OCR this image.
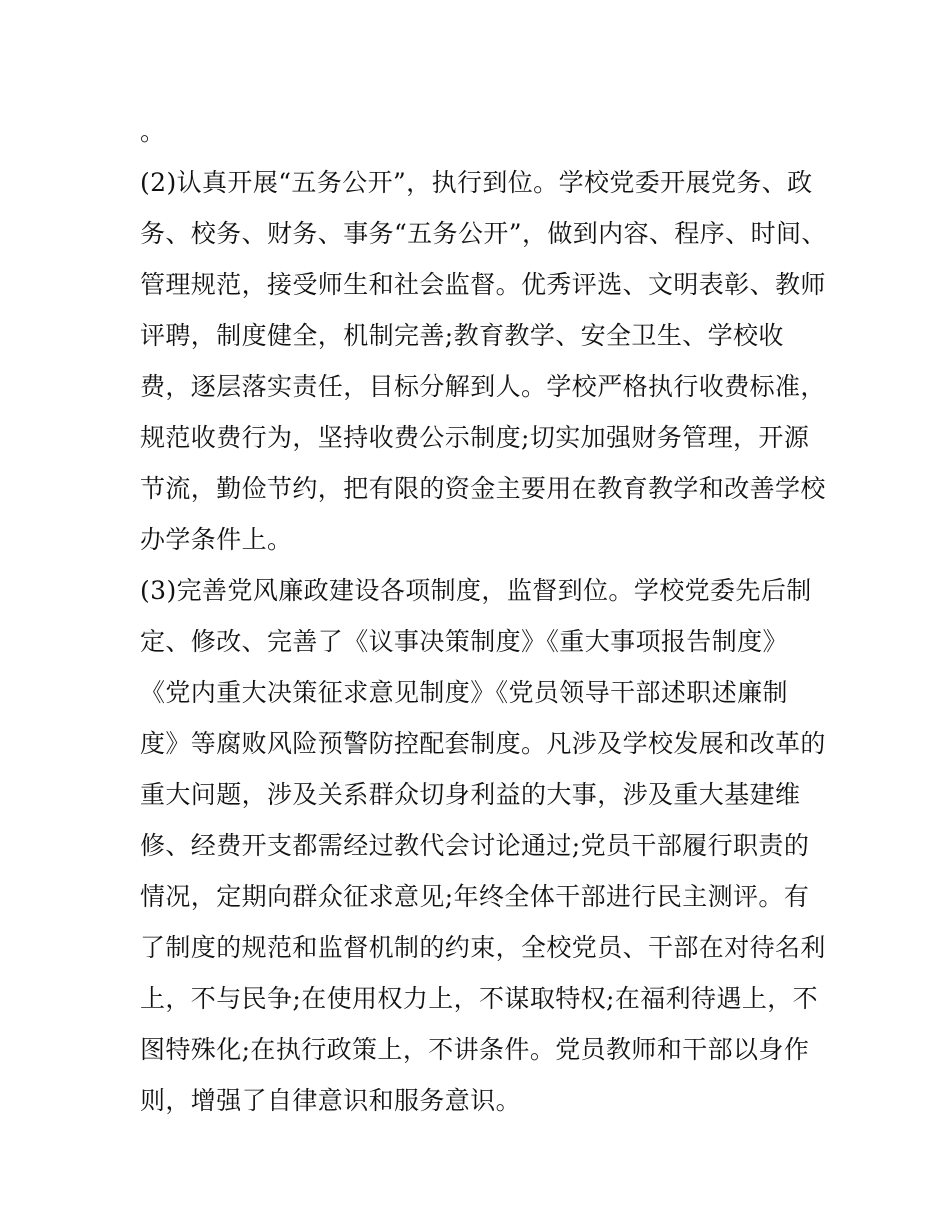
。
(2)认真开展“五务公开”，执行到位。学校党委开展党务、政
务、校务、财务、事务“五务公开”，做到内容、程序、时间、
管理规范，接受师生和社会监督。优秀评选、文明表彰、教师
评聘，制度健全，机制完善;教育教学、安全卫生、学校收
费，逐层落实责任，目标分解到人。学校严格执行收费标准，
规范收费行为，坚持收费公示制度;切实加强财务管理，开源
节流，勤俭节约，把有限的资金主要用在教育教学和改善学校
办学条件上。
(3)完善党风廉政建设各项制度，监督到位。学校党委先后制
定、修改、完善了《议事决策制度》《重大事项报告制度》
《党内重大决策征求意见制度》《党员领导干部述职述廉制
度》等腐败风险预警防控配套制度。凡涉及学校发展和改革的
重大问题，涉及关系群众切身利益的大事，涉及重大基建维
修、经费开支都需经过教代会讨论通过;党员干部履行职责的
情况，定期向群众征求意见;年终全体干部进行民主测评。有
了制度的规范和监督机制的约束，全校党员、干部在对待名利
上，不与民争;在使用权力上，不谋取特权;在福利待遇上，不
图特殊化;在执行政策上，不讲条件。党员教师和干部以身作
则，增强了自律意识和服务意识。
